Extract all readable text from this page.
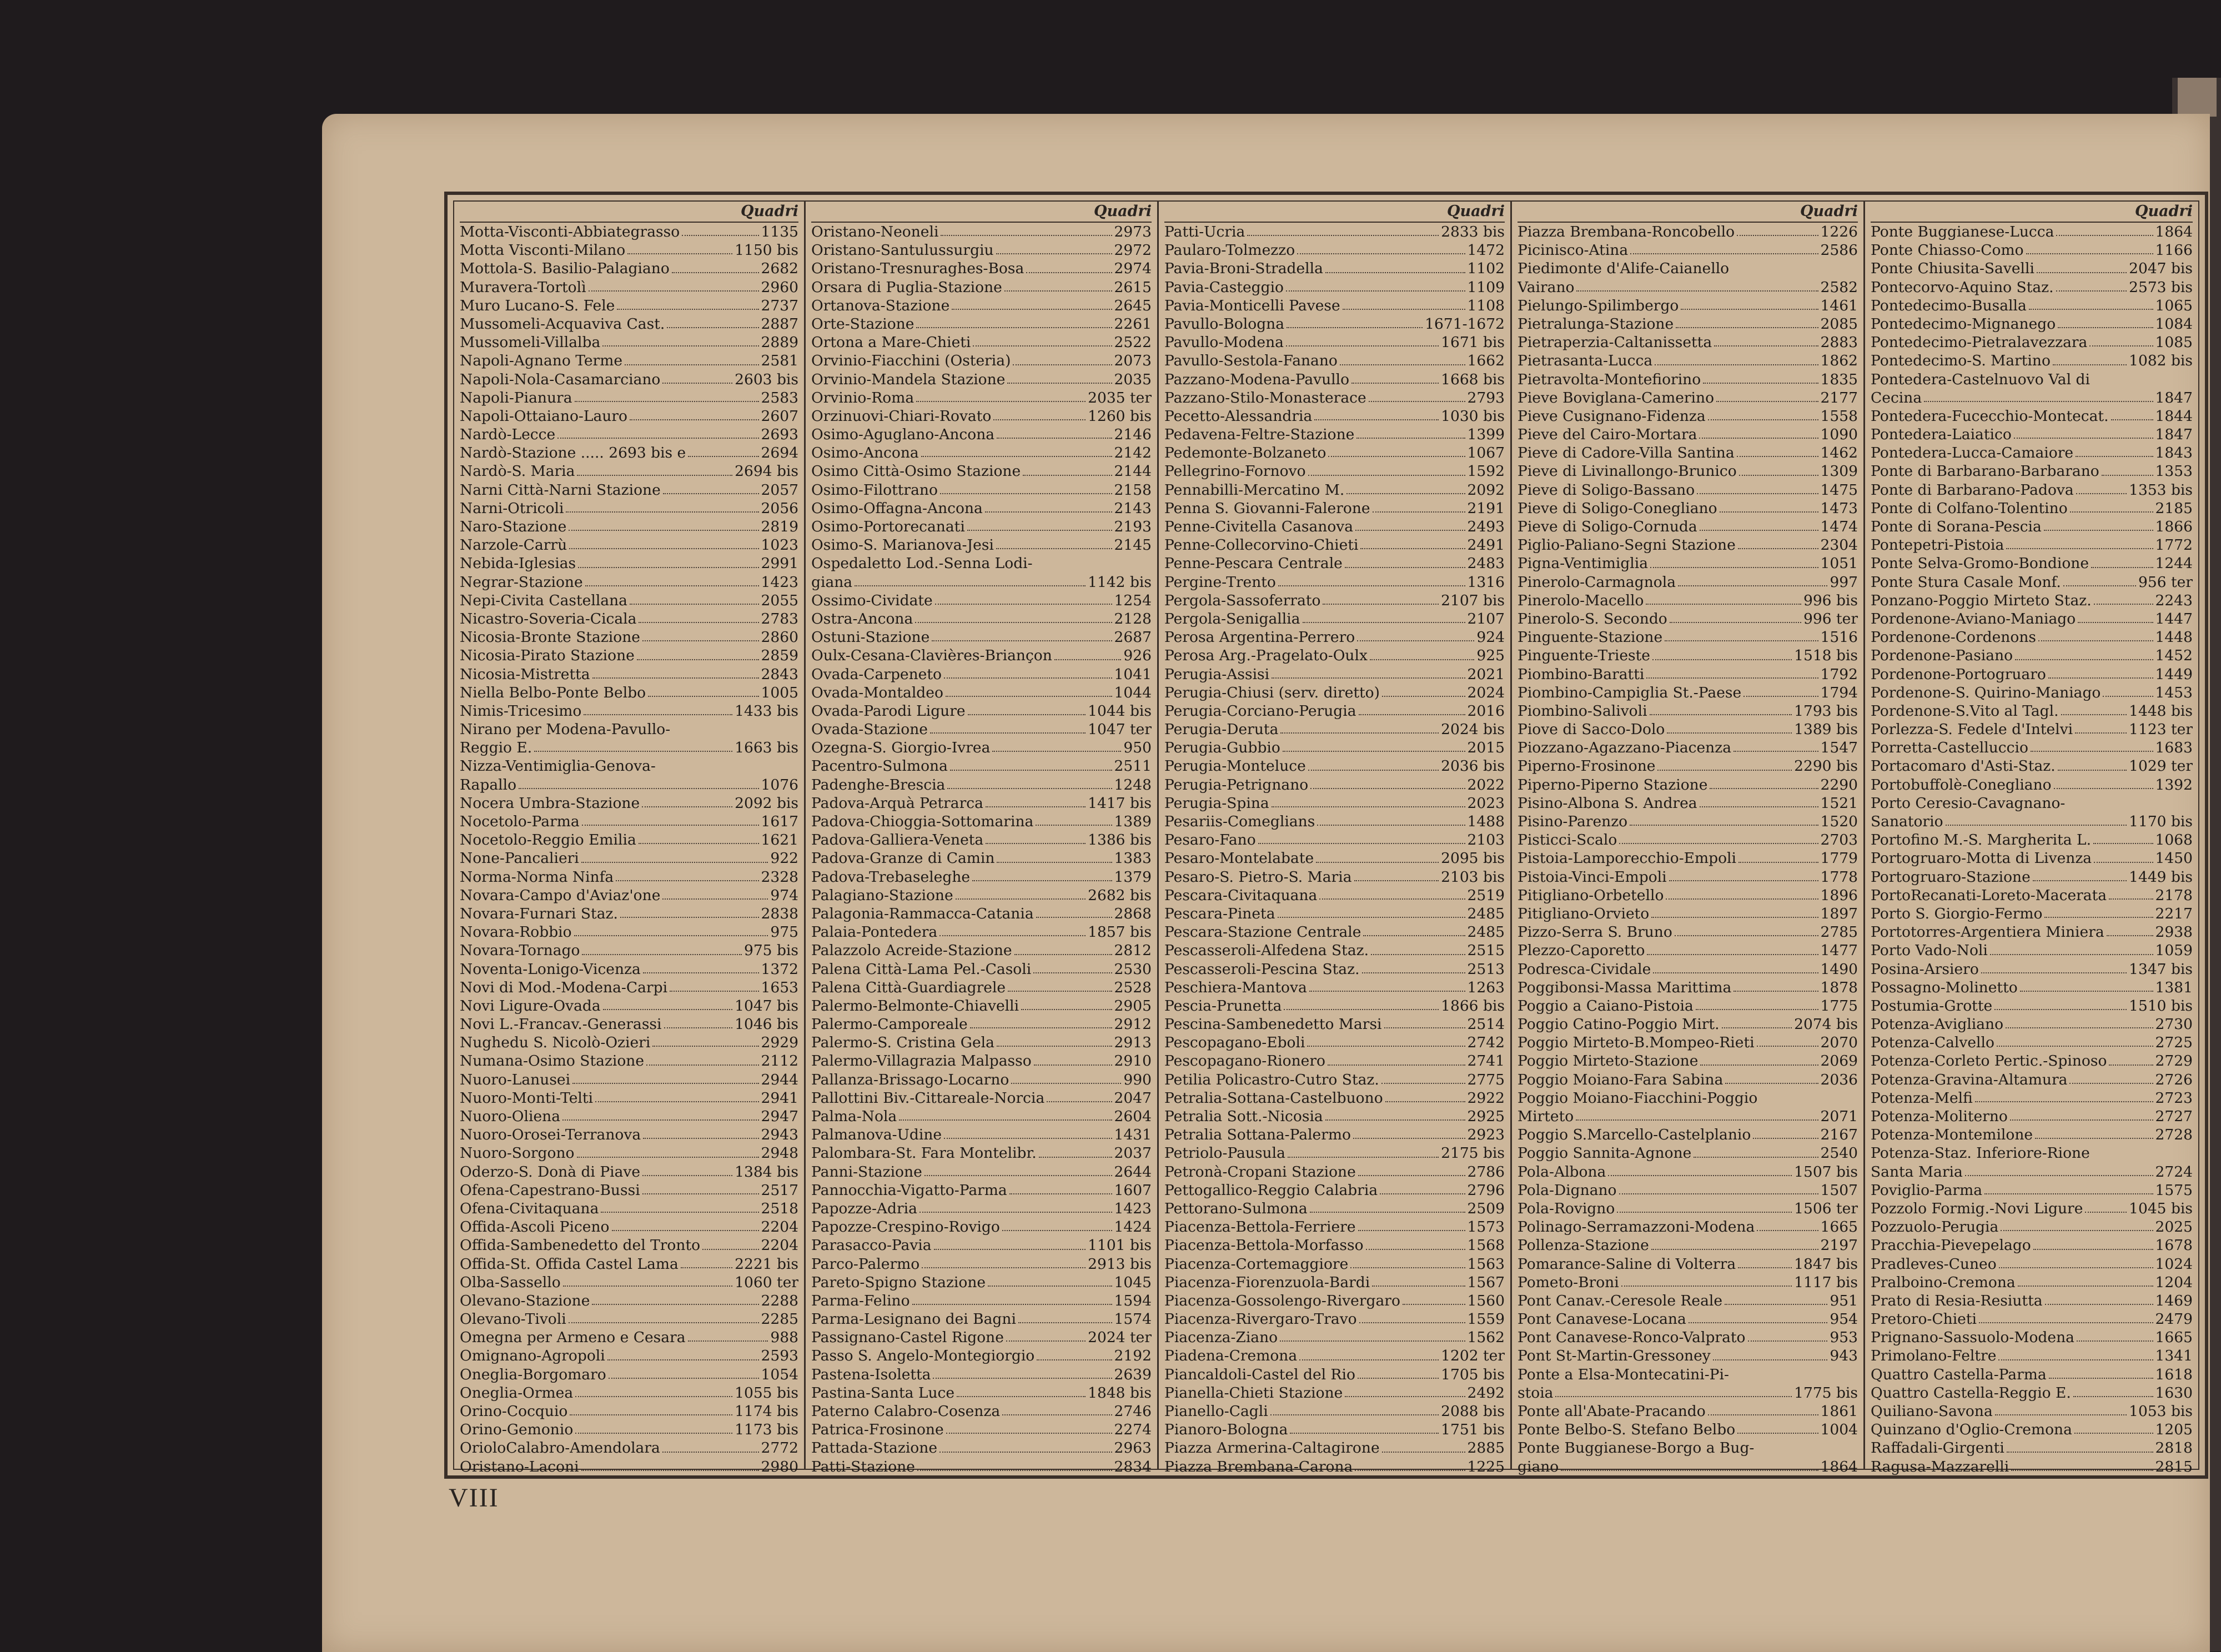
Quadri
Motta-Visconti-Abbiategrasso	1135
Motta Visconti-Milano	1150 bis
Mottola-S. Basilio-Palagiano	2682
Muravera-Tortolì	2960
Muro Lucano-S. Fele	2737
Mussomeli-Acquaviva Cast.	2887
Mussomeli-Villalba	2889
Napoli-Agnano Terme	2581
Napoli-Nola-Casamarciano	2603 bis
Napoli-Pianura	2583
Napoli-Ottaiano-Lauro	2607
Nardò-Lecce	2693
Nardò-Stazione ..... 2693 bis e	2694
Nardò-S. Maria	2694 bis
Narni Città-Narni Stazione	2057
Narni-Otricoli	2056
Naro-Stazione	2819
Narzole-Carrù	1023
Nebida-Iglesias	2991
Negrar-Stazione	1423
Nepi-Civita Castellana	2055
Nicastro-Soveria-Cicala	2783
Nicosia-Bronte Stazione	2860
Nicosia-Pirato Stazione	2859
Nicosia-Mistretta	2843
Niella Belbo-Ponte Belbo	1005
Nimis-Tricesimo	1433 bis
Nirano per Modena-Pavullo-
Reggio E.	1663 bis
Nizza-Ventimiglia-Genova-
Rapallo	1076
Nocera Umbra-Stazione	2092 bis
Nocetolo-Parma	1617
Nocetolo-Reggio Emilia	1621
None-Pancalieri	922
Norma-Norma Ninfa	2328
Novara-Campo d'Aviaz'one	974
Novara-Furnari Staz.	2838
Novara-Robbio	975
Novara-Tornago	975 bis
Noventa-Lonigo-Vicenza	1372
Novi di Mod.-Modena-Carpi	1653
Novi Ligure-Ovada	1047 bis
Novi L.-Francav.-Generassi	1046 bis
Nughedu S. Nicolò-Ozieri	2929
Numana-Osimo Stazione	2112
Nuoro-Lanusei	2944
Nuoro-Monti-Telti	2941
Nuoro-Oliena	2947
Nuoro-Orosei-Terranova	2943
Nuoro-Sorgono	2948
Oderzo-S. Donà di Piave	1384 bis
Ofena-Capestrano-Bussi	2517
Ofena-Civitaquana	2518
Offida-Ascoli Piceno	2204
Offida-Sambenedetto del Tronto	2204
Offida-St. Offida Castel Lama	2221 bis
Olba-Sassello	1060 ter
Olevano-Stazione	2288
Olevano-Tivoli	2285
Omegna per Armeno e Cesara	988
Omignano-Agropoli	2593
Oneglia-Borgomaro	1054
Oneglia-Ormea	1055 bis
Orino-Cocquio	1174 bis
Orino-Gemonio	1173 bis
OrioloCalabro-Amendolara	2772
Oristano-Laconi	2980
Quadri
Oristano-Neoneli	2973
Oristano-Santulussurgiu	2972
Oristano-Tresnuraghes-Bosa	2974
Orsara di Puglia-Stazione	2615
Ortanova-Stazione	2645
Orte-Stazione	2261
Ortona a Mare-Chieti	2522
Orvinio-Fiacchini (Osteria)	2073
Orvinio-Mandela Stazione	2035
Orvinio-Roma	2035 ter
Orzinuovi-Chiari-Rovato	1260 bis
Osimo-Aguglano-Ancona	2146
Osimo-Ancona	2142
Osimo Città-Osimo Stazione	2144
Osimo-Filottrano	2158
Osimo-Offagna-Ancona	2143
Osimo-Portorecanati	2193
Osimo-S. Marianova-Jesi	2145
Ospedaletto Lod.-Senna Lodi-
giana	1142 bis
Ossimo-Cividate	1254
Ostra-Ancona	2128
Ostuni-Stazione	2687
Oulx-Cesana-Clavières-Briançon	926
Ovada-Carpeneto	1041
Ovada-Montaldeo	1044
Ovada-Parodi Ligure	1044 bis
Ovada-Stazione	1047 ter
Ozegna-S. Giorgio-Ivrea	950
Pacentro-Sulmona	2511
Padenghe-Brescia	1248
Padova-Arquà Petrarca	1417 bis
Padova-Chioggia-Sottomarina	1389
Padova-Galliera-Veneta	1386 bis
Padova-Granze di Camin	1383
Padova-Trebaseleghe	1379
Palagiano-Stazione	2682 bis
Palagonia-Rammacca-Catania	2868
Palaia-Pontedera	1857 bis
Palazzolo Acreide-Stazione	2812
Palena Città-Lama Pel.-Casoli	2530
Palena Città-Guardiagrele	2528
Palermo-Belmonte-Chiavelli	2905
Palermo-Camporeale	2912
Palermo-S. Cristina Gela	2913
Palermo-Villagrazia Malpasso	2910
Pallanza-Brissago-Locarno	990
Pallottini Biv.-Cittareale-Norcia	2047
Palma-Nola	2604
Palmanova-Udine	1431
Palombara-St. Fara Montelibr.	2037
Panni-Stazione	2644
Pannocchia-Vigatto-Parma	1607
Papozze-Adria	1423
Papozze-Crespino-Rovigo	1424
Parasacco-Pavia	1101 bis
Parco-Palermo	2913 bis
Pareto-Spigno Stazione	1045
Parma-Felino	1594
Parma-Lesignano dei Bagni	1574
Passignano-Castel Rigone	2024 ter
Passo S. Angelo-Montegiorgio	2192
Pastena-Isoletta	2639
Pastina-Santa Luce	1848 bis
Paterno Calabro-Cosenza	2746
Patrica-Frosinone	2274
Pattada-Stazione	2963
Patti-Stazione	2834
Quadri
Patti-Ucria	2833 bis
Paularo-Tolmezzo	1472
Pavia-Broni-Stradella	1102
Pavia-Casteggio	1109
Pavia-Monticelli Pavese	1108
Pavullo-Bologna	1671-1672
Pavullo-Modena	1671 bis
Pavullo-Sestola-Fanano	1662
Pazzano-Modena-Pavullo	1668 bis
Pazzano-Stilo-Monasterace	2793
Pecetto-Alessandria	1030 bis
Pedavena-Feltre-Stazione	1399
Pedemonte-Bolzaneto	1067
Pellegrino-Fornovo	1592
Pennabilli-Mercatino M.	2092
Penna S. Giovanni-Falerone	2191
Penne-Civitella Casanova	2493
Penne-Collecorvino-Chieti	2491
Penne-Pescara Centrale	2483
Pergine-Trento	1316
Pergola-Sassoferrato	2107 bis
Pergola-Senigallia	2107
Perosa Argentina-Perrero	924
Perosa Arg.-Pragelato-Oulx	925
Perugia-Assisi	2021
Perugia-Chiusi (serv. diretto)	2024
Perugia-Corciano-Perugia	2016
Perugia-Deruta	2024 bis
Perugia-Gubbio	2015
Perugia-Monteluce	2036 bis
Perugia-Petrignano	2022
Perugia-Spina	2023
Pesariis-Comeglians	1488
Pesaro-Fano	2103
Pesaro-Montelabate	2095 bis
Pesaro-S. Pietro-S. Maria	2103 bis
Pescara-Civitaquana	2519
Pescara-Pineta	2485
Pescara-Stazione Centrale	2485
Pescasseroli-Alfedena Staz.	2515
Pescasseroli-Pescina Staz.	2513
Peschiera-Mantova	1263
Pescia-Prunetta	1866 bis
Pescina-Sambenedetto Marsi	2514
Pescopagano-Eboli	2742
Pescopagano-Rionero	2741
Petilia Policastro-Cutro Staz.	2775
Petralia-Sottana-Castelbuono	2922
Petralia Sott.-Nicosia	2925
Petralia Sottana-Palermo	2923
Petriolo-Pausula	2175 bis
Petronà-Cropani Stazione	2786
Pettogallico-Reggio Calabria	2796
Pettorano-Sulmona	2509
Piacenza-Bettola-Ferriere	1573
Piacenza-Bettola-Morfasso	1568
Piacenza-Cortemaggiore	1563
Piacenza-Fiorenzuola-Bardi	1567
Piacenza-Gossolengo-Rivergaro	1560
Piacenza-Rivergaro-Travo	1559
Piacenza-Ziano	1562
Piadena-Cremona	1202 ter
Piancaldoli-Castel del Rio	1705 bis
Pianella-Chieti Stazione	2492
Pianello-Cagli	2088 bis
Pianoro-Bologna	1751 bis
Piazza Armerina-Caltagirone	2885
Piazza Brembana-Carona	1225
Quadri
Piazza Brembana-Roncobello	1226
Picinisco-Atina	2586
Piedimonte d'Alife-Caianello
Vairano	2582
Pielungo-Spilimbergo	1461
Pietralunga-Stazione	2085
Pietraperzia-Caltanissetta	2883
Pietrasanta-Lucca	1862
Pietravolta-Montefiorino	1835
Pieve Boviglana-Camerino	2177
Pieve Cusignano-Fidenza	1558
Pieve del Cairo-Mortara	1090
Pieve di Cadore-Villa Santina	1462
Pieve di Livinallongo-Brunico	1309
Pieve di Soligo-Bassano	1475
Pieve di Soligo-Conegliano	1473
Pieve di Soligo-Cornuda	1474
Piglio-Paliano-Segni Stazione	2304
Pigna-Ventimiglia	1051
Pinerolo-Carmagnola	997
Pinerolo-Macello	996 bis
Pinerolo-S. Secondo	996 ter
Pinguente-Stazione	1516
Pinguente-Trieste	1518 bis
Piombino-Baratti	1792
Piombino-Campiglia St.-Paese	1794
Piombino-Salivoli	1793 bis
Piove di Sacco-Dolo	1389 bis
Piozzano-Agazzano-Piacenza	1547
Piperno-Frosinone	2290 bis
Piperno-Piperno Stazione	2290
Pisino-Albona S. Andrea	1521
Pisino-Parenzo	1520
Pisticci-Scalo	2703
Pistoia-Lamporecchio-Empoli	1779
Pistoia-Vinci-Empoli	1778
Pitigliano-Orbetello	1896
Pitigliano-Orvieto	1897
Pizzo-Serra S. Bruno	2785
Plezzo-Caporetto	1477
Podresca-Cividale	1490
Poggibonsi-Massa Marittima	1878
Poggio a Caiano-Pistoia	1775
Poggio Catino-Poggio Mirt.	2074 bis
Poggio Mirteto-B.Mompeo-Rieti	2070
Poggio Mirteto-Stazione	2069
Poggio Moiano-Fara Sabina	2036
Poggio Moiano-Fiacchini-Poggio
Mirteto	2071
Poggio S.Marcello-Castelplanio	2167
Poggio Sannita-Agnone	2540
Pola-Albona	1507 bis
Pola-Dignano	1507
Pola-Rovigno	1506 ter
Polinago-Serramazzoni-Modena	1665
Pollenza-Stazione	2197
Pomarance-Saline di Volterra	1847 bis
Pometo-Broni	1117 bis
Pont Canav.-Ceresole Reale	951
Pont Canavese-Locana	954
Pont Canavese-Ronco-Valprato	953
Pont St-Martin-Gressoney	943
Ponte a Elsa-Montecatini-Pi-
stoia	1775 bis
Ponte all'Abate-Pracando	1861
Ponte Belbo-S. Stefano Belbo	1004
Ponte Buggianese-Borgo a Bug-
giano	1864
Quadri
Ponte Buggianese-Lucca	1864
Ponte Chiasso-Como	1166
Ponte Chiusita-Savelli	2047 bis
Pontecorvo-Aquino Staz.	2573 bis
Pontedecimo-Busalla	1065
Pontedecimo-Mignanego	1084
Pontedecimo-Pietralavezzara	1085
Pontedecimo-S. Martino	1082 bis
Pontedera-Castelnuovo Val di
Cecina	1847
Pontedera-Fucecchio-Montecat.	1844
Pontedera-Laiatico	1847
Pontedera-Lucca-Camaiore	1843
Ponte di Barbarano-Barbarano	1353
Ponte di Barbarano-Padova	1353 bis
Ponte di Colfano-Tolentino	2185
Ponte di Sorana-Pescia	1866
Pontepetri-Pistoia	1772
Ponte Selva-Gromo-Bondione	1244
Ponte Stura Casale Monf.	956 ter
Ponzano-Poggio Mirteto Staz.	2243
Pordenone-Aviano-Maniago	1447
Pordenone-Cordenons	1448
Pordenone-Pasiano	1452
Pordenone-Portogruaro	1449
Pordenone-S. Quirino-Maniago	1453
Pordenone-S.Vito al Tagl.	1448 bis
Porlezza-S. Fedele d'Intelvi	1123 ter
Porretta-Castelluccio	1683
Portacomaro d'Asti-Staz.	1029 ter
Portobuffolè-Conegliano	1392
Porto Ceresio-Cavagnano-
Sanatorio	1170 bis
Portofino M.-S. Margherita L.	1068
Portogruaro-Motta di Livenza	1450
Portogruaro-Stazione	1449 bis
PortoRecanati-Loreto-Macerata	2178
Porto S. Giorgio-Fermo	2217
Portotorres-Argentiera Miniera	2938
Porto Vado-Noli	1059
Posina-Arsiero	1347 bis
Possagno-Molinetto	1381
Postumia-Grotte	1510 bis
Potenza-Avigliano	2730
Potenza-Calvello	2725
Potenza-Corleto Pertic.-Spinoso	2729
Potenza-Gravina-Altamura	2726
Potenza-Melfi	2723
Potenza-Moliterno	2727
Potenza-Montemilone	2728
Potenza-Staz. Inferiore-Rione
Santa Maria	2724
Poviglio-Parma	1575
Pozzolo Formig.-Novi Ligure	1045 bis
Pozzuolo-Perugia	2025
Pracchia-Pievepelago	1678
Pradleves-Cuneo	1024
Pralboino-Cremona	1204
Prato di Resia-Resiutta	1469
Pretoro-Chieti	2479
Prignano-Sassuolo-Modena	1665
Primolano-Feltre	1341
Quattro Castella-Parma	1618
Quattro Castella-Reggio E.	1630
Quiliano-Savona	1053 bis
Quinzano d'Oglio-Cremona	1205
Raffadali-Girgenti	2818
Ragusa-Mazzarelli	2815
VIII
